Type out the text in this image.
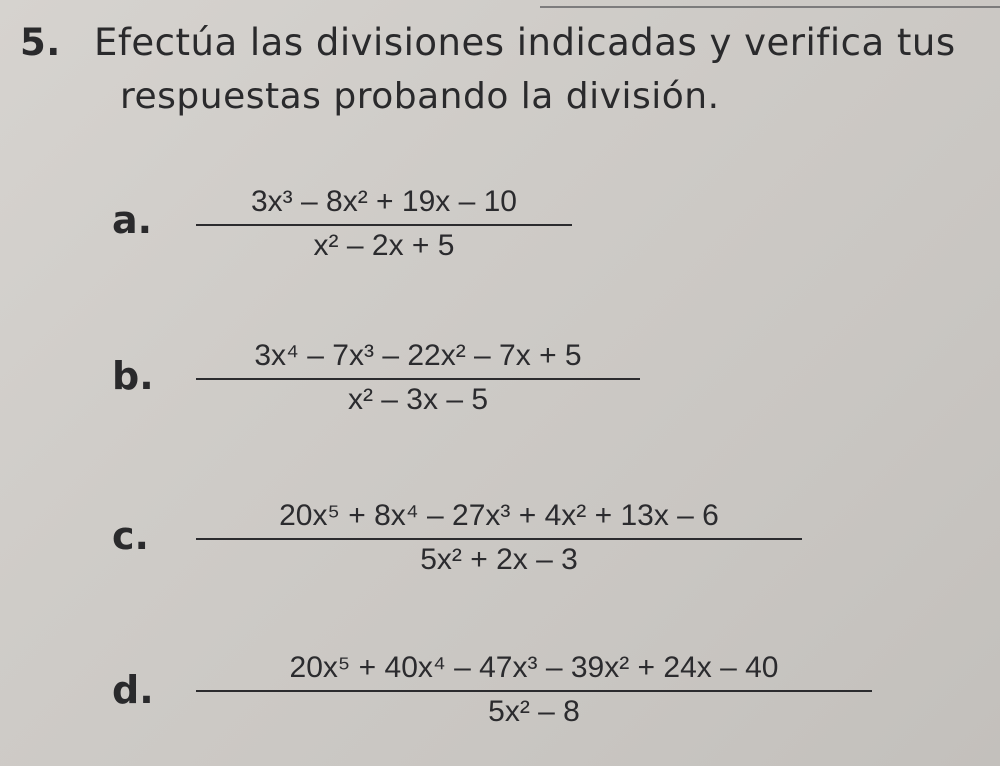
5. Efectúa las divisiones indicadas y verifica tus
respuestas probando la división.
a.	3x³ – 8x² + 19x – 10
x² – 2x + 5
b.	3x⁴ – 7x³ – 22x² – 7x + 5
x² – 3x – 5
c.	20x⁵ + 8x⁴ – 27x³ + 4x² + 13x – 6
5x² + 2x – 3
d.
20x⁵ + 40x⁴ – 47x³ – 39x² + 24x – 40
5x² – 8
